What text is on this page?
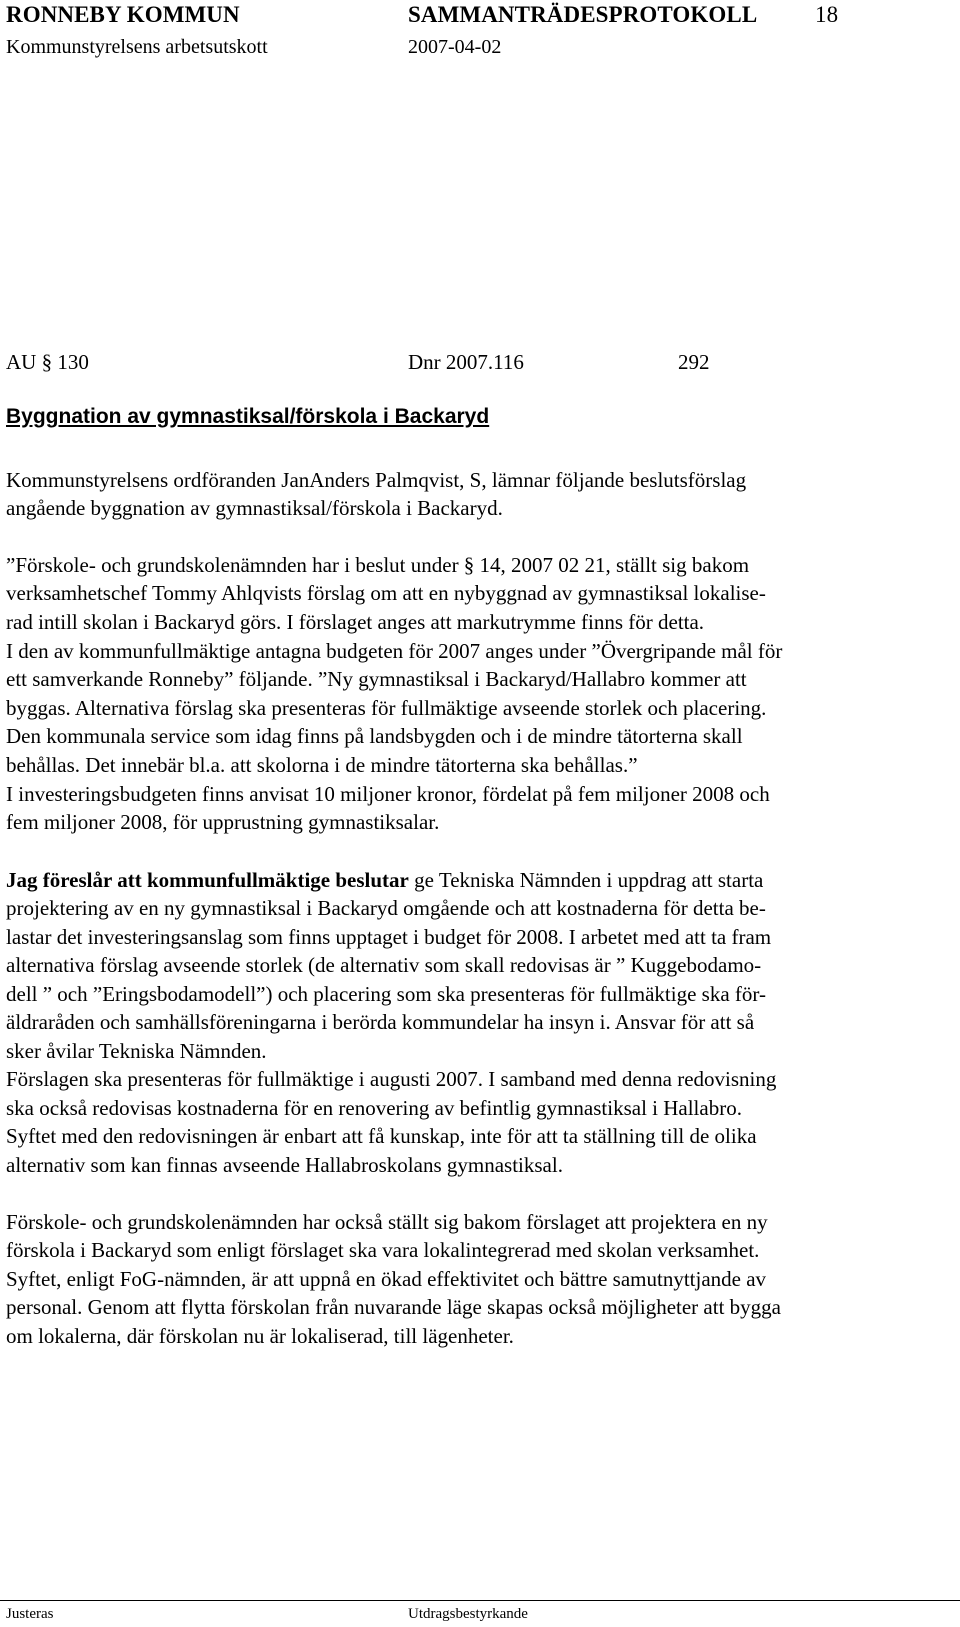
RONNEBY KOMMUN	SAMMANTRÄDESPROTOKOLL	18
Kommunstyrelsens arbetsutskott	2007-04-02
AU § 130	Dnr 2007.116	292
Byggnation av gymnastiksal/förskola i Backaryd
Kommunstyrelsens ordföranden JanAnders Palmqvist, S, lämnar följande beslutsförslag
angående byggnation av gymnastiksal/förskola i Backaryd.
”Förskole- och grundskolenämnden har i beslut under § 14, 2007 02 21, ställt sig bakom
verksamhetschef Tommy Ahlqvists förslag om att en nybyggnad av gymnastiksal lokalise-
rad intill skolan i Backaryd görs. I förslaget anges att markutrymme finns för detta.
I den av kommunfullmäktige antagna budgeten för 2007 anges under ”Övergripande mål för
ett samverkande Ronneby” följande. ”Ny gymnastiksal i Backaryd/Hallabro kommer att
byggas. Alternativa förslag ska presenteras för fullmäktige avseende storlek och placering.
Den kommunala service som idag finns på landsbygden och i de mindre tätorterna skall
behållas. Det innebär bl.a. att skolorna i de mindre tätorterna ska behållas.”
I investeringsbudgeten finns anvisat 10 miljoner kronor, fördelat på fem miljoner 2008 och
fem miljoner 2008, för upprustning gymnastiksalar.
Jag föreslår att kommunfullmäktige beslutar ge Tekniska Nämnden i uppdrag att starta
projektering av en ny gymnastiksal i Backaryd omgående och att kostnaderna för detta be-
lastar det investeringsanslag som finns upptaget i budget för 2008. I arbetet med att ta fram
alternativa förslag avseende storlek (de alternativ som skall redovisas är ” Kuggebodamo-
dell ” och ”Eringsbodamodell”) och placering som ska presenteras för fullmäktige ska för-
äldraråden och samhällsföreningarna i berörda kommundelar ha insyn i. Ansvar för att så
sker åvilar Tekniska Nämnden.
Förslagen ska presenteras för fullmäktige i augusti 2007. I samband med denna redovisning
ska också redovisas kostnaderna för en renovering av befintlig gymnastiksal i Hallabro.
Syftet med den redovisningen är enbart att få kunskap, inte för att ta ställning till de olika
alternativ som kan finnas avseende Hallabroskolans gymnastiksal.
Förskole- och grundskolenämnden har också ställt sig bakom förslaget att projektera en ny
förskola i Backaryd som enligt förslaget ska vara lokalintegrerad med skolan verksamhet.
Syftet, enligt FoG-nämnden, är att uppnå en ökad effektivitet och bättre samutnyttjande av
personal. Genom att flytta förskolan från nuvarande läge skapas också möjligheter att bygga
om lokalerna, där förskolan nu är lokaliserad, till lägenheter.
Justeras	Utdragsbestyrkande
